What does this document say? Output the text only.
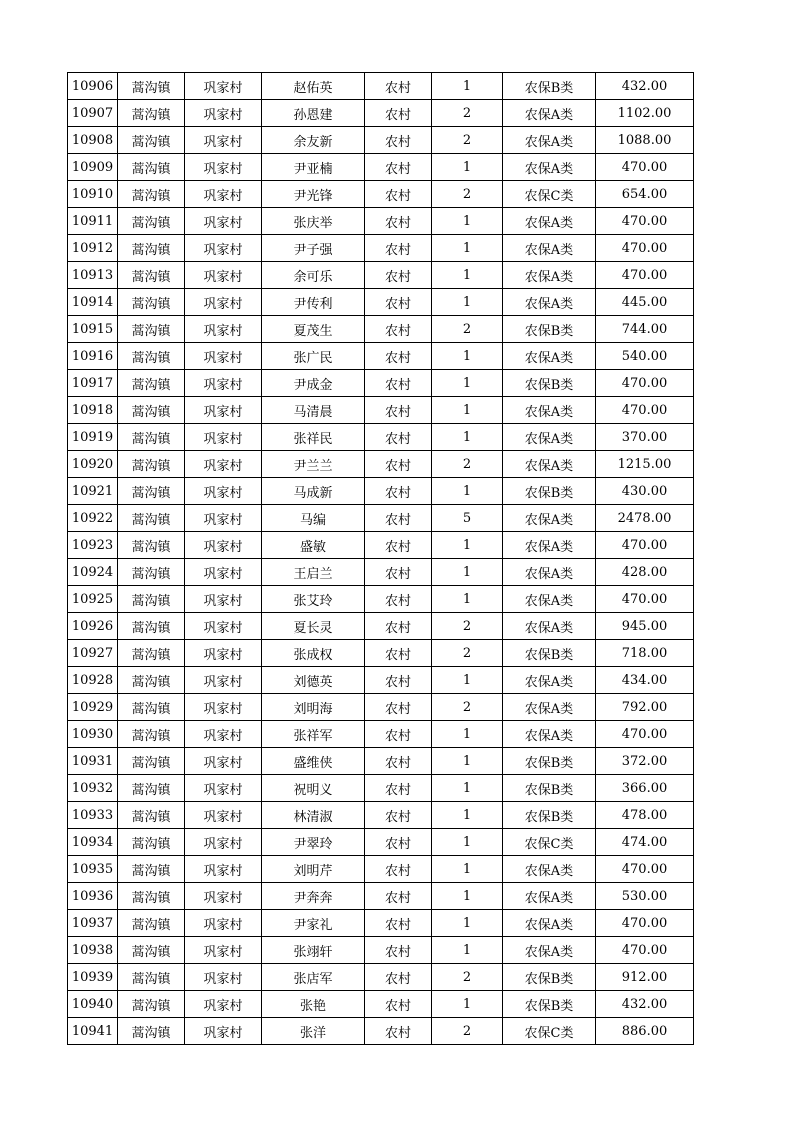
10906	蒿沟镇	巩家村	赵佑英	农村	1	农保B类	432.00
10907	蒿沟镇	巩家村	孙恩建	农村	2	农保A类	1102.00
10908	蒿沟镇	巩家村	余友新	农村	2	农保A类	1088.00
10909	蒿沟镇	巩家村	尹亚楠	农村	1	农保A类	470.00
10910	蒿沟镇	巩家村	尹光锋	农村	2	农保C类	654.00
10911	蒿沟镇	巩家村	张庆举	农村	1	农保A类	470.00
10912	蒿沟镇	巩家村	尹子强	农村	1	农保A类	470.00
10913	蒿沟镇	巩家村	余可乐	农村	1	农保A类	470.00
10914	蒿沟镇	巩家村	尹传利	农村	1	农保A类	445.00
10915	蒿沟镇	巩家村	夏茂生	农村	2	农保B类	744.00
10916	蒿沟镇	巩家村	张广民	农村	1	农保A类	540.00
10917	蒿沟镇	巩家村	尹成金	农村	1	农保B类	470.00
10918	蒿沟镇	巩家村	马清晨	农村	1	农保A类	470.00
10919	蒿沟镇	巩家村	张祥民	农村	1	农保A类	370.00
10920	蒿沟镇	巩家村	尹兰兰	农村	2	农保A类	1215.00
10921	蒿沟镇	巩家村	马成新	农村	1	农保B类	430.00
10922	蒿沟镇	巩家村	马编	农村	5	农保A类	2478.00
10923	蒿沟镇	巩家村	盛敏	农村	1	农保A类	470.00
10924	蒿沟镇	巩家村	王启兰	农村	1	农保A类	428.00
10925	蒿沟镇	巩家村	张艾玲	农村	1	农保A类	470.00
10926	蒿沟镇	巩家村	夏长灵	农村	2	农保A类	945.00
10927	蒿沟镇	巩家村	张成权	农村	2	农保B类	718.00
10928	蒿沟镇	巩家村	刘德英	农村	1	农保A类	434.00
10929	蒿沟镇	巩家村	刘明海	农村	2	农保A类	792.00
10930	蒿沟镇	巩家村	张祥军	农村	1	农保A类	470.00
10931	蒿沟镇	巩家村	盛维侠	农村	1	农保B类	372.00
10932	蒿沟镇	巩家村	祝明义	农村	1	农保B类	366.00
10933	蒿沟镇	巩家村	林清淑	农村	1	农保B类	478.00
10934	蒿沟镇	巩家村	尹翠玲	农村	1	农保C类	474.00
10935	蒿沟镇	巩家村	刘明芹	农村	1	农保A类	470.00
10936	蒿沟镇	巩家村	尹奔奔	农村	1	农保A类	530.00
10937	蒿沟镇	巩家村	尹家礼	农村	1	农保A类	470.00
10938	蒿沟镇	巩家村	张翊轩	农村	1	农保A类	470.00
10939	蒿沟镇	巩家村	张店军	农村	2	农保B类	912.00
10940	蒿沟镇	巩家村	张艳	农村	1	农保B类	432.00
10941	蒿沟镇	巩家村	张洋	农村	2	农保C类	886.00
